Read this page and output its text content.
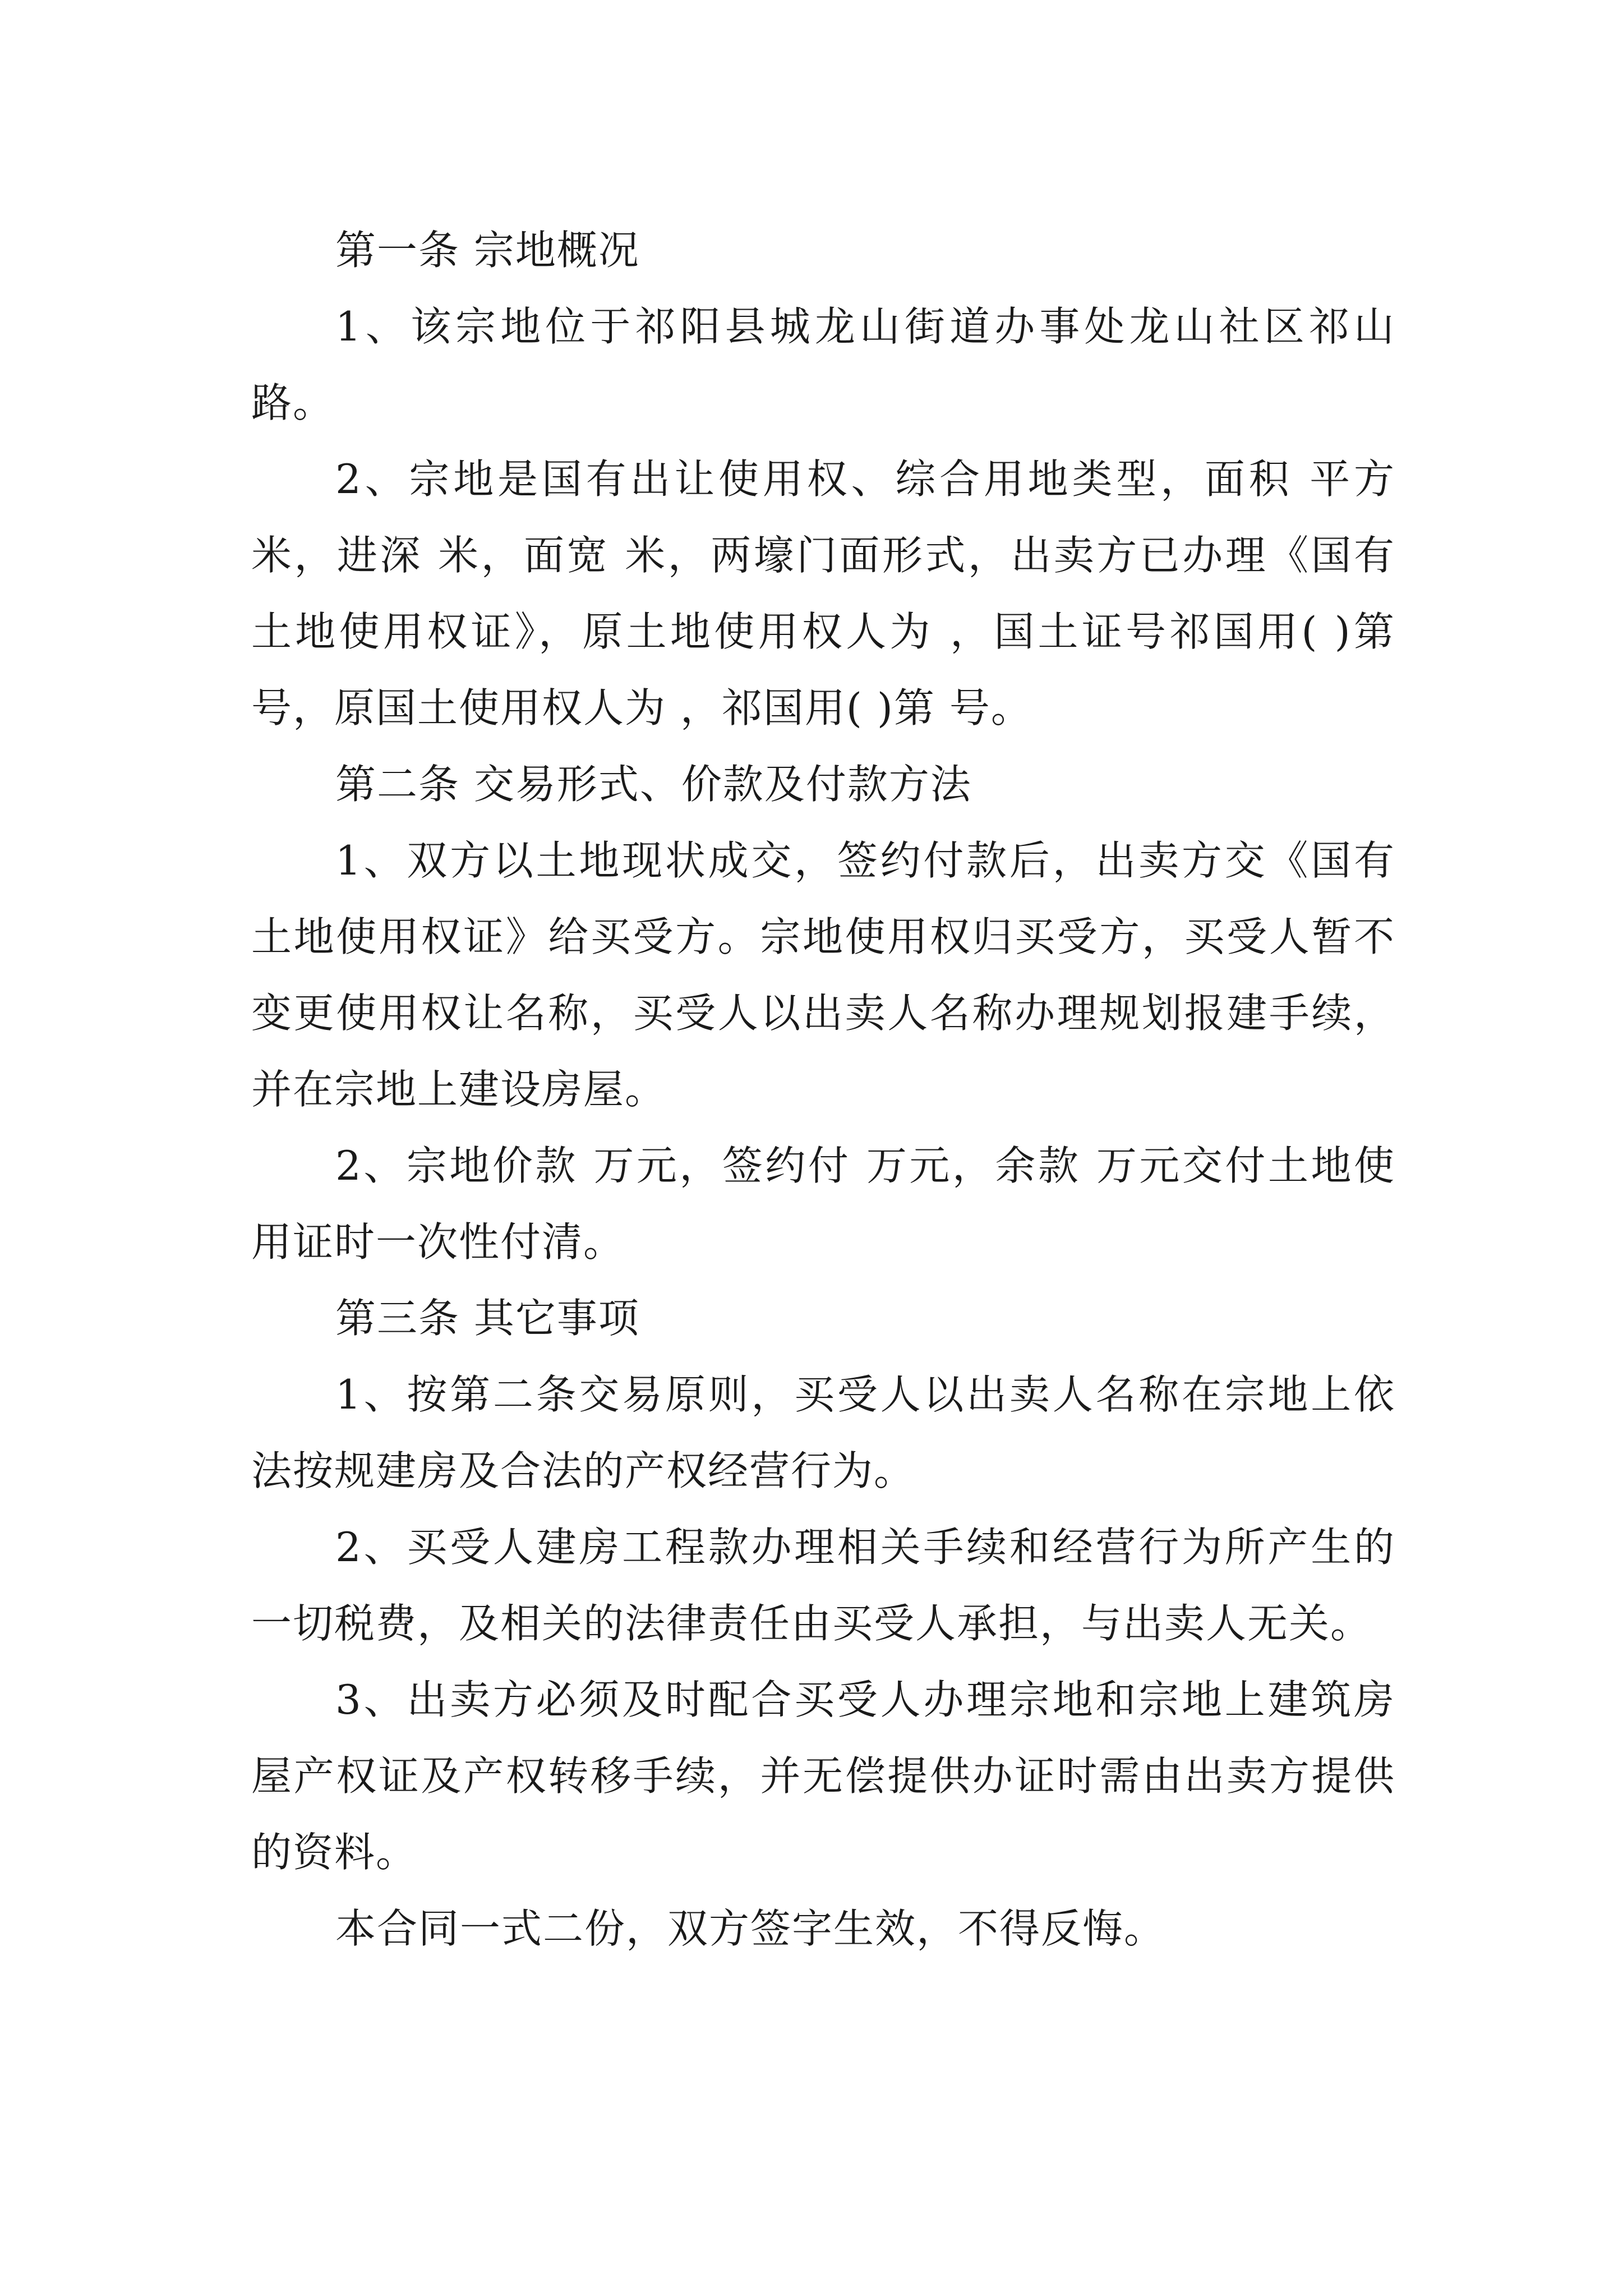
第一条 宗地概况

1、该宗地位于祁阳县城龙山街道办事处龙山社区祁山路。

2、宗地是国有出让使用权、综合用地类型，面积 平方米，进深 米，面宽 米，两壕门面形式，出卖方已办理《国有土地使用权证》，原土地使用权人为 ，国土证号祁国用( )第 号，原国土使用权人为 ，祁国用( )第 号。

第二条 交易形式、价款及付款方法

1、双方以土地现状成交，签约付款后，出卖方交《国有土地使用权证》给买受方。宗地使用权归买受方，买受人暂不变更使用权让名称，买受人以出卖人名称办理规划报建手续，并在宗地上建设房屋。

2、宗地价款 万元，签约付 万元，余款 万元交付土地使用证时一次性付清。

第三条 其它事项

1、按第二条交易原则，买受人以出卖人名称在宗地上依法按规建房及合法的产权经营行为。

2、买受人建房工程款办理相关手续和经营行为所产生的一切税费，及相关的法律责任由买受人承担，与出卖人无关。

3、出卖方必须及时配合买受人办理宗地和宗地上建筑房屋产权证及产权转移手续，并无偿提供办证时需由出卖方提供的资料。

本合同一式二份，双方签字生效，不得反悔。
